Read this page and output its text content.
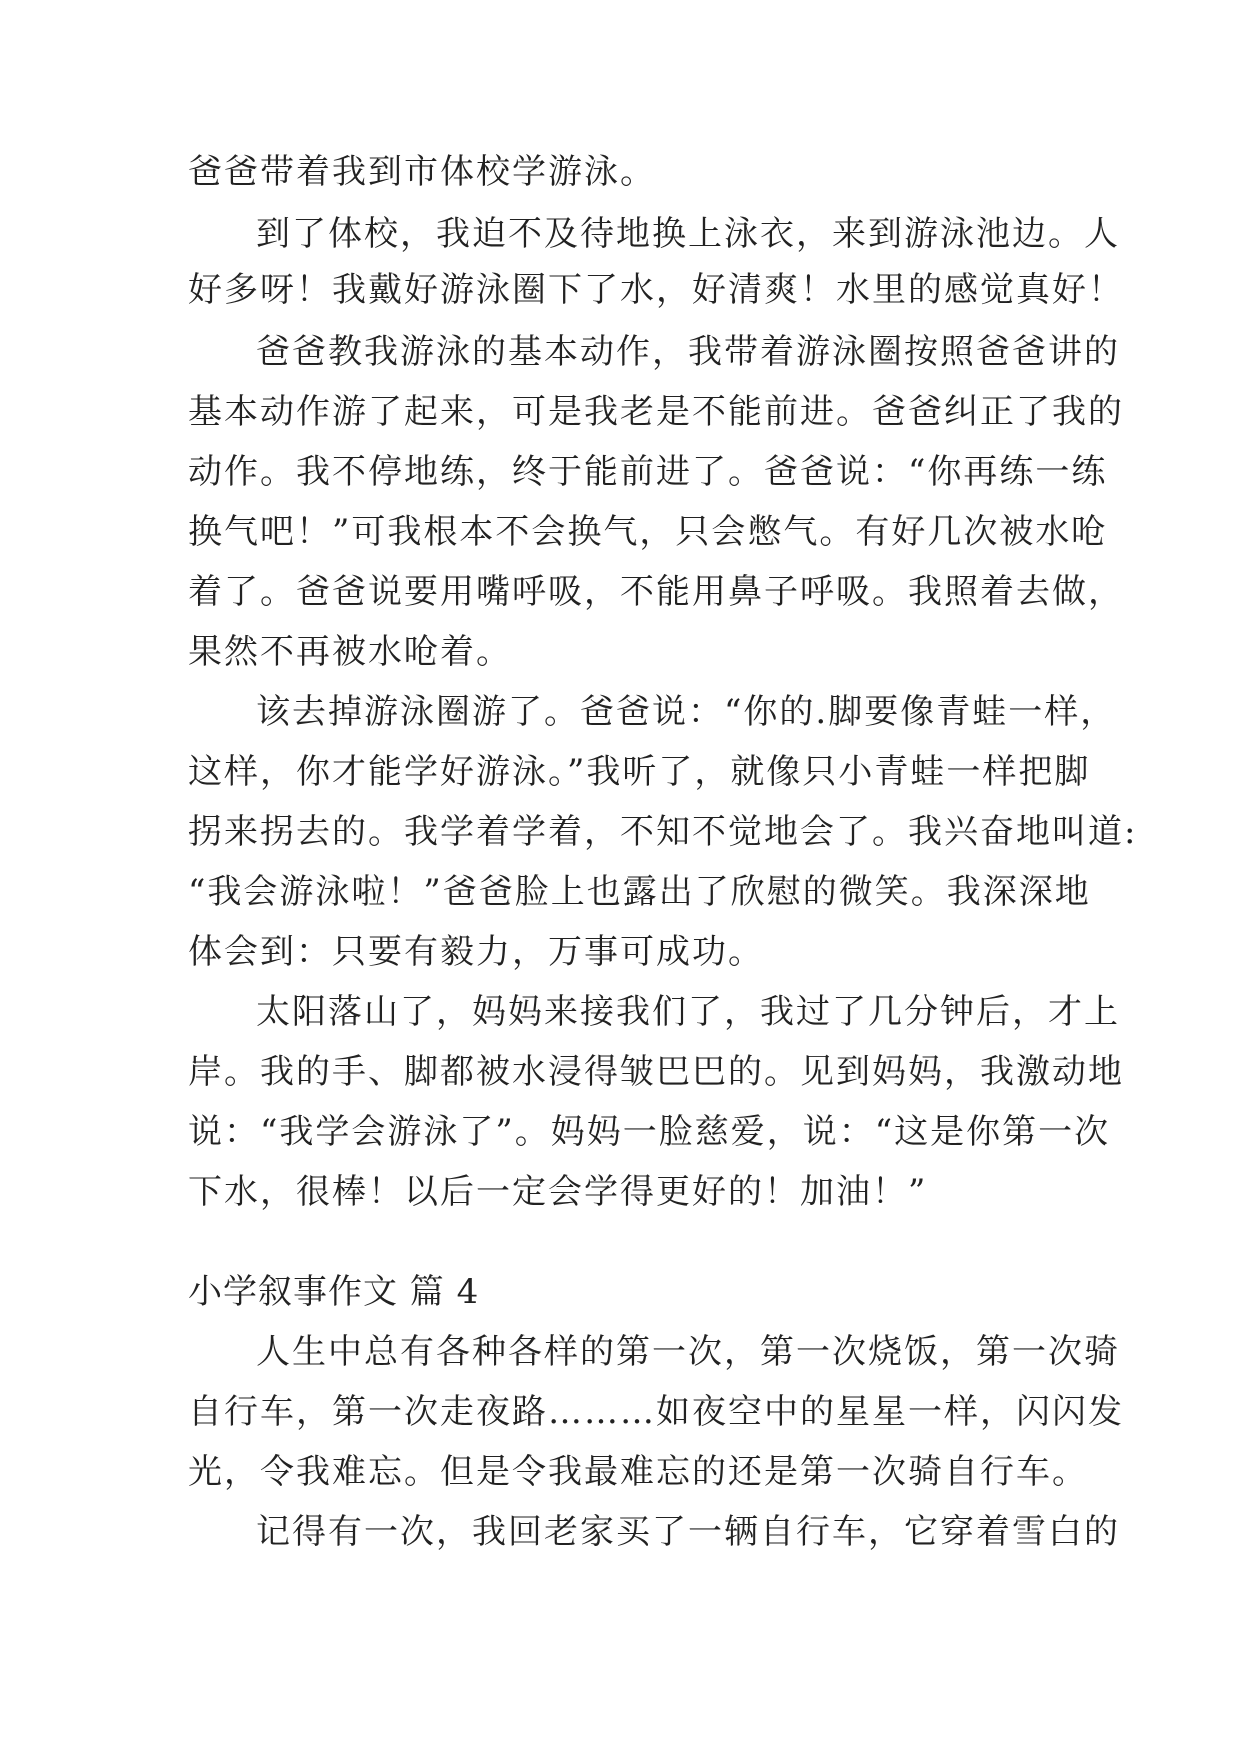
爸爸带着我到市体校学游泳。
到了体校，我迫不及待地换上泳衣，来到游泳池边。人
好多呀！我戴好游泳圈下了水，好清爽！水里的感觉真好！
爸爸教我游泳的基本动作，我带着游泳圈按照爸爸讲的
基本动作游了起来，可是我老是不能前进。爸爸纠正了我的
动作。我不停地练，终于能前进了。爸爸说：“你再练一练
换气吧！”可我根本不会换气，只会憋气。有好几次被水呛
着了。爸爸说要用嘴呼吸，不能用鼻子呼吸。我照着去做，
果然不再被水呛着。
该去掉游泳圈游了。爸爸说：“你的.脚要像青蛙一样，
这样，你才能学好游泳。”我听了，就像只小青蛙一样把脚
拐来拐去的。我学着学着，不知不觉地会了。我兴奋地叫道:
“我会游泳啦！”爸爸脸上也露出了欣慰的微笑。我深深地
体会到：只要有毅力，万事可成功。
太阳落山了，妈妈来接我们了，我过了几分钟后，才上
岸。我的手、脚都被水浸得皱巴巴的。见到妈妈，我激动地
说：“我学会游泳了”。妈妈一脸慈爱，说：“这是你第一次
下水，很棒！以后一定会学得更好的！加油！”
小学叙事作文 篇 4
人生中总有各种各样的第一次，第一次烧饭，第一次骑
自行车，第一次走夜路………如夜空中的星星一样，闪闪发
光，令我难忘。但是令我最难忘的还是第一次骑自行车。
记得有一次，我回老家买了一辆自行车，它穿着雪白的
